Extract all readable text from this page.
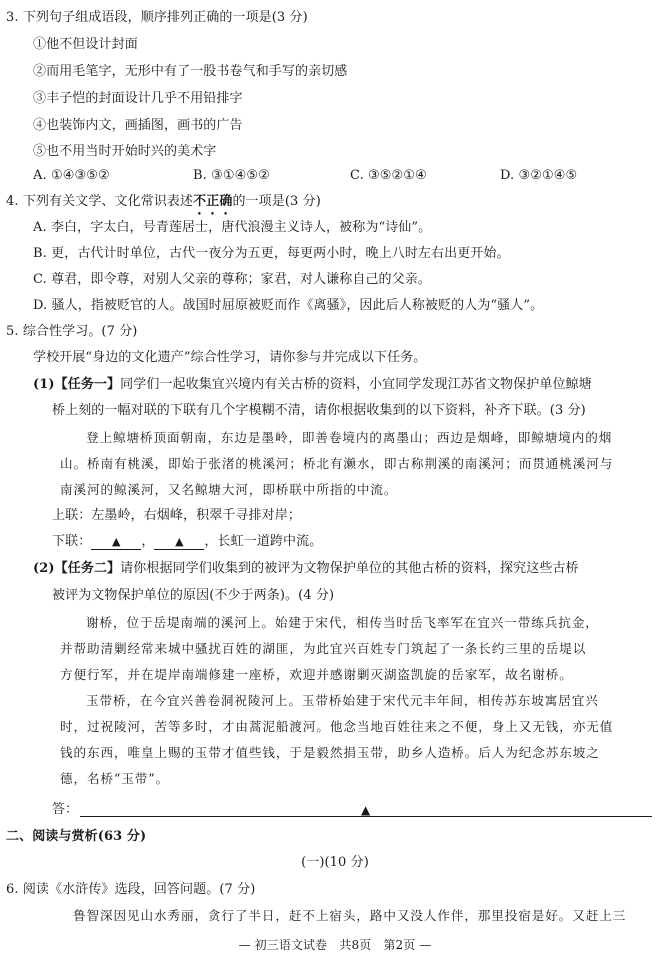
3. 下列句子组成语段，顺序排列正确的一项是(3 分)
①他不但设计封面
②而用毛笔字，无形中有了一股书卷气和手写的亲切感
③丰子恺的封面设计几乎不用铅排字
④也装饰内文，画插图，画书的广告
⑤也不用当时开始时兴的美术字
A. ①④③⑤②	B. ③①④⑤②	C. ③⑤②①④	D. ③②①④⑤
4. 下列有关文学、文化常识表述不正确的一项是(3 分)
A. 李白，字太白，号青莲居士，唐代浪漫主义诗人，被称为“诗仙”。
B. 更，古代计时单位，古代一夜分为五更，每更两小时，晚上八时左右出更开始。
C. 尊君，即令尊，对别人父亲的尊称；家君，对人谦称自己的父亲。
D. 骚人，指被贬官的人。战国时屈原被贬而作《离骚》，因此后人称被贬的人为“骚人”。
5. 综合性学习。(7 分)
学校开展“身边的文化遗产”综合性学习，请你参与并完成以下任务。
(1)【任务一】同学们一起收集宜兴境内有关古桥的资料，小宜同学发现江苏省文物保护单位鲸塘
桥上刻的一幅对联的下联有几个字模糊不清，请你根据收集到的以下资料，补齐下联。(3 分)
登上鲸塘桥顶面朝南，东边是墨岭，即善卷境内的离墨山；西边是烟峰，即鲸塘境内的烟
山。桥南有桃溪，即始于张渚的桃溪河；桥北有濑水，即古称荆溪的南溪河；而贯通桃溪河与
南溪河的鲸溪河，又名鲸塘大河，即桥联中所指的中流。
上联：左墨岭，右烟峰，积翠千寻排对岸；
下联： ▲ ， ▲ ，长虹一道跨中流。
(2)【任务二】请你根据同学们收集到的被评为文物保护单位的其他古桥的资料，探究这些古桥
被评为文物保护单位的原因(不少于两条)。(4 分)
谢桥，位于岳堤南端的溪河上。始建于宋代，相传当时岳飞率军在宜兴一带练兵抗金，
并帮助清剿经常来城中骚扰百姓的湖匪，为此宜兴百姓专门筑起了一条长约三里的岳堤以
方便行军，并在堤岸南端修建一座桥，欢迎并感谢剿灭湖盗凯旋的岳家军，故名谢桥。
玉带桥，在今宜兴善卷洞祝陵河上。玉带桥始建于宋代元丰年间，相传苏东坡寓居宜兴
时，过祝陵河，苦等多时，才由蒿泥船渡河。他念当地百姓往来之不便，身上又无钱，亦无值
钱的东西，唯皇上赐的玉带才值些钱，于是毅然捐玉带，助乡人造桥。后人为纪念苏东坡之
德，名桥“玉带”。
答：	▲
二、阅读与赏析(63 分)
(一)(10 分)
6. 阅读《水浒传》选段，回答问题。(7 分)
鲁智深因见山水秀丽，贪行了半日，赶不上宿头，路中又没人作伴，那里投宿是好。又赶上三
— 初三语文试卷　共8页　第2页 —
